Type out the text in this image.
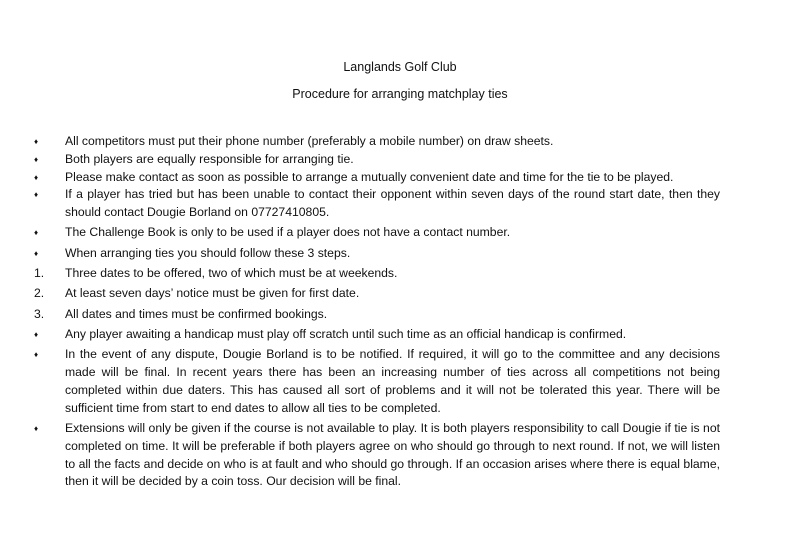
Langlands Golf Club
Procedure for arranging matchplay ties
♦	All competitors must put their phone number (preferably a mobile number) on draw sheets.
♦	Both players are equally responsible for arranging tie.
♦	Please make contact as soon as possible to arrange a mutually convenient date and time for the tie to be played.
♦	If a player has tried but has been unable to contact their opponent within seven days of the round start date, then they should contact Dougie Borland on 07727410805.
♦	The Challenge Book is only to be used if a player does not have a contact number.
♦	When arranging ties you should follow these 3 steps.
1.	Three dates to be offered, two of which must be at weekends.
2.	At least seven days’ notice must be given for first date.
3.	All dates and times must be confirmed bookings.
♦	Any player awaiting a handicap must play off scratch until such time as an official handicap is confirmed.
♦	In the event of any dispute, Dougie Borland is to be notified. If required, it will go to the committee and any decisions made will be final. In recent years there has been an increasing number of ties across all competitions not being completed within due daters. This has caused all sort of problems and it will not be tolerated this year. There will be sufficient time from start to end dates to allow all ties to be completed.
♦	Extensions will only be given if the course is not available to play. It is both players responsibility to call Dougie if tie is not completed on time. It will be preferable if both players agree on who should go through to next round. If not, we will listen to all the facts and decide on who is at fault and who should go through. If an occasion arises where there is equal blame, then it will be decided by a coin toss. Our decision will be final.
